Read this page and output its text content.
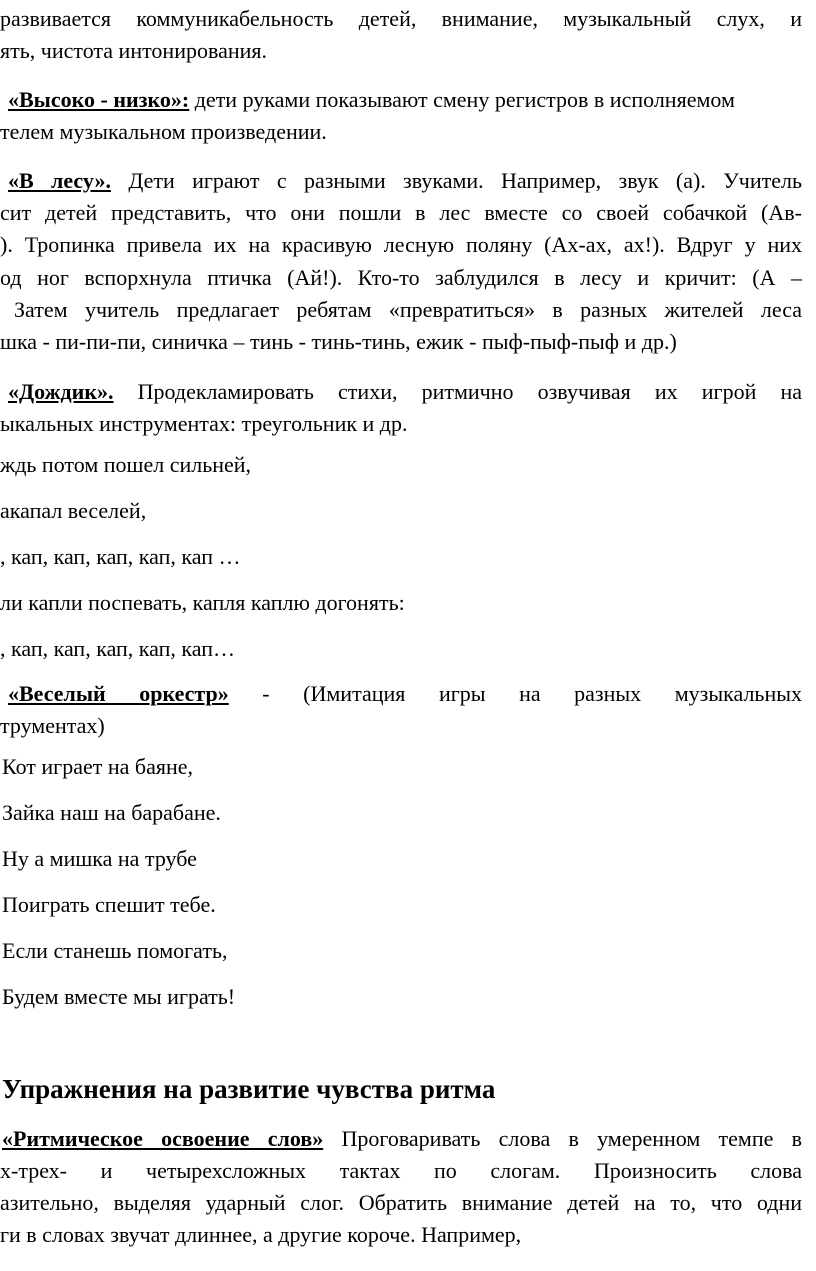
развивается коммуникабельность детей, внимание, музыкальный слух, и
ять, чистота интонирования.
«Высоко - низко»: дети руками показывают смену регистров в исполняемом
телем музыкальном произведении.
«В лесу». Дети играют с разными звуками. Например, звук (а). Учитель
сит детей представить, что они пошли в лес вместе со своей собачкой (Ав-
). Тропинка привела их на красивую лесную поляну (Ах-ах, ах!). Вдруг у них
од ног вспорхнула птичка (Ай!). Кто-то заблудился в лесу и кричит: (А –
Затем учитель предлагает ребятам «превратиться» в разных жителей леса
шка - пи-пи-пи, синичка – тинь - тинь-тинь, ежик - пыф-пыф-пыф и др.)
«Дождик». Продекламировать стихи, ритмично озвучивая их игрой на
ыкальных инструментах: треугольник и др.
ждь потом пошел сильней,
акапал веселей,
, кап, кап, кап, кап, кап …
ли капли поспевать, капля каплю догонять:
, кап, кап, кап, кап, кап…
«Веселый оркестр» - (Имитация игры на разных музыкальных
трументах)
Кот играет на баяне,
Зайка наш на барабане.
Ну а мишка на трубе
Поиграть спешит тебе.
Если станешь помогать,
Будем вместе мы играть!
Упражнения на развитие чувства ритма
«Ритмическое освоение слов» Проговаривать слова в умеренном темпе в
х-трех- и четырехсложных тактах по слогам. Произносить слова
азительно, выделяя ударный слог. Обратить внимание детей на то, что одни
ги в словах звучат длиннее, а другие короче. Например,
